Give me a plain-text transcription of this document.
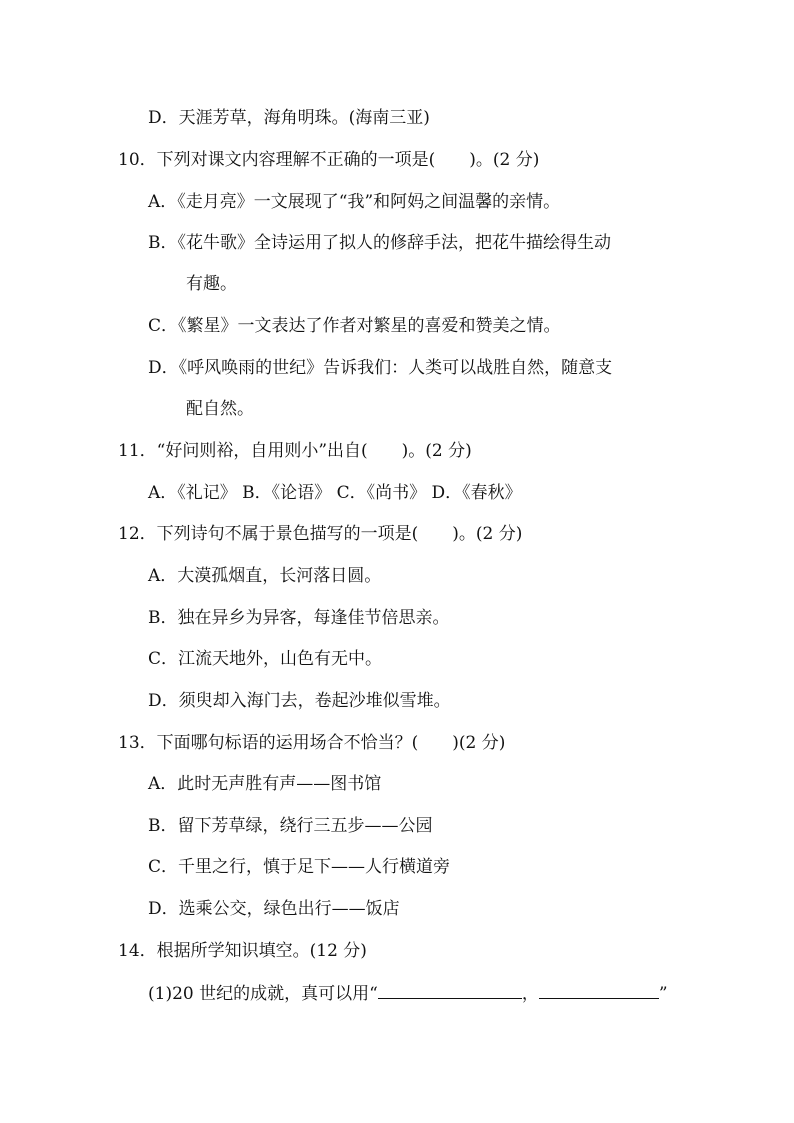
D．天涯芳草，海角明珠。(海南三亚)
10．下列对课文内容理解不正确的一项是(　　)。(2 分)
A．《走月亮》一文展现了“我”和阿妈之间温馨的亲情。
B．《花牛歌》全诗运用了拟人的修辞手法，把花牛描绘得生动
有趣。
C．《繁星》一文表达了作者对繁星的喜爱和赞美之情。
D．《呼风唤雨的世纪》告诉我们：人类可以战胜自然，随意支
配自然。
11．“好问则裕，自用则小”出自(　　)。(2 分)
A．《礼记》 B．《论语》 C．《尚书》 D．《春秋》
12．下列诗句不属于景色描写的一项是(　　)。(2 分)
A．大漠孤烟直，长河落日圆。
B．独在异乡为异客，每逢佳节倍思亲。
C．江流天地外，山色有无中。
D．须臾却入海门去，卷起沙堆似雪堆。
13．下面哪句标语的运用场合不恰当？(　　)(2 分)
A．此时无声胜有声——图书馆
B．留下芳草绿，绕行三五步——公园
C．千里之行，慎于足下——人行横道旁
D．选乘公交，绿色出行——饭店
14．根据所学知识填空。(12 分)
(1)20 世纪的成就，真可以用“	，	”
